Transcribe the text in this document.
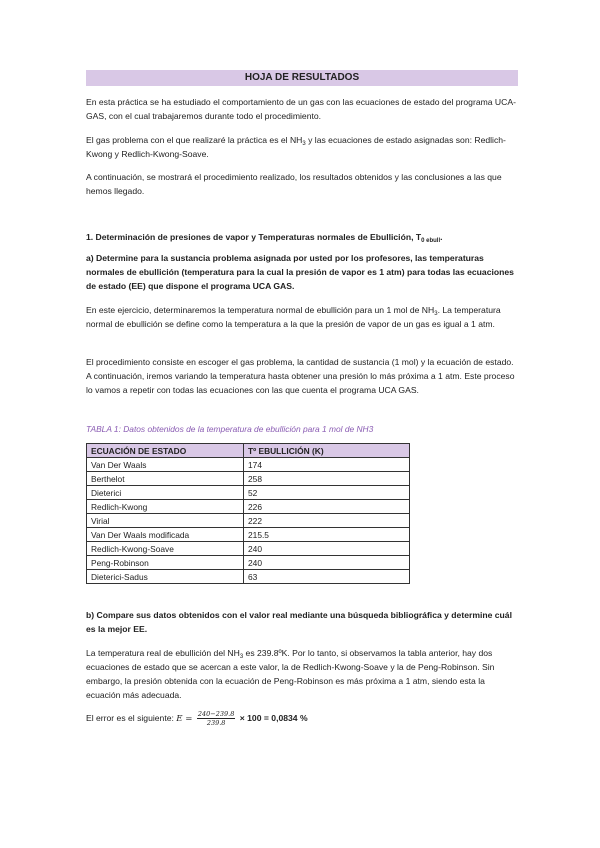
HOJA DE RESULTADOS

En esta práctica se ha estudiado el comportamiento de un gas con las ecuaciones de estado del programa UCA-GAS, con el cual trabajaremos durante todo el procedimiento.

El gas problema con el que realizaré la práctica es el $NH_3$ y las ecuaciones de estado asignadas son: Redlich-Kwong y Redlich-Kwong-Soave.

A continuación, se mostrará el procedimiento realizado, los resultados obtenidos y las conclusiones a las que hemos llegado.

1. Determinación de presiones de vapor y Temperaturas normales de Ebullición, $T_{0 ebull}$.

a) Determine para la sustancia problema asignada por usted por los profesores, las temperaturas normales de ebullición (temperatura para la cual la presión de vapor es 1 atm) para todas las ecuaciones de estado (EE) que dispone el programa UCA GAS.

En este ejercicio, determinaremos la temperatura normal de ebullición para un 1 mol de $NH_3$. La temperatura normal de ebullición se define como la temperatura a la que la presión de vapor de un gas es igual a 1 atm.

El procedimiento consiste en escoger el gas problema, la cantidad de sustancia (1 mol) y la ecuación de estado. A continuación, iremos variando la temperatura hasta obtener una presión lo más próxima a 1 atm. Este proceso lo vamos a repetir con todas las ecuaciones con las que cuenta el programa UCA GAS.

TABLA 1: Datos obtenidos de la temperatura de ebullición para 1 mol de NH3

ECUACIÓN DE ESTADO	Tº EBULLICIÓN (K)
Van Der Waals	174
Berthelot	258
Dieterici	52
Redlich-Kwong	226
Virial	222
Van Der Waals modificada	215.5
Redlich-Kwong-Soave	240
Peng-Robinson	240
Dieterici-Sadus	63

b) Compare sus datos obtenidos con el valor real mediante una búsqueda bibliográfica y determine cuál es la mejor EE.

La temperatura real de ebullición del $NH_3$ es 239.8ºK. Por lo tanto, si observamos la tabla anterior, hay dos ecuaciones de estado que se acercan a este valor, la de Redlich-Kwong-Soave y la de Peng-Robinson. Sin embargo, la presión obtenida con la ecuación de Peng-Robinson es más próxima a 1 atm, siendo esta la ecuación más adecuada.

El error es el siguiente: $E = \frac{240-239.8}{239.8} \times 100 = 0,0834$ %
